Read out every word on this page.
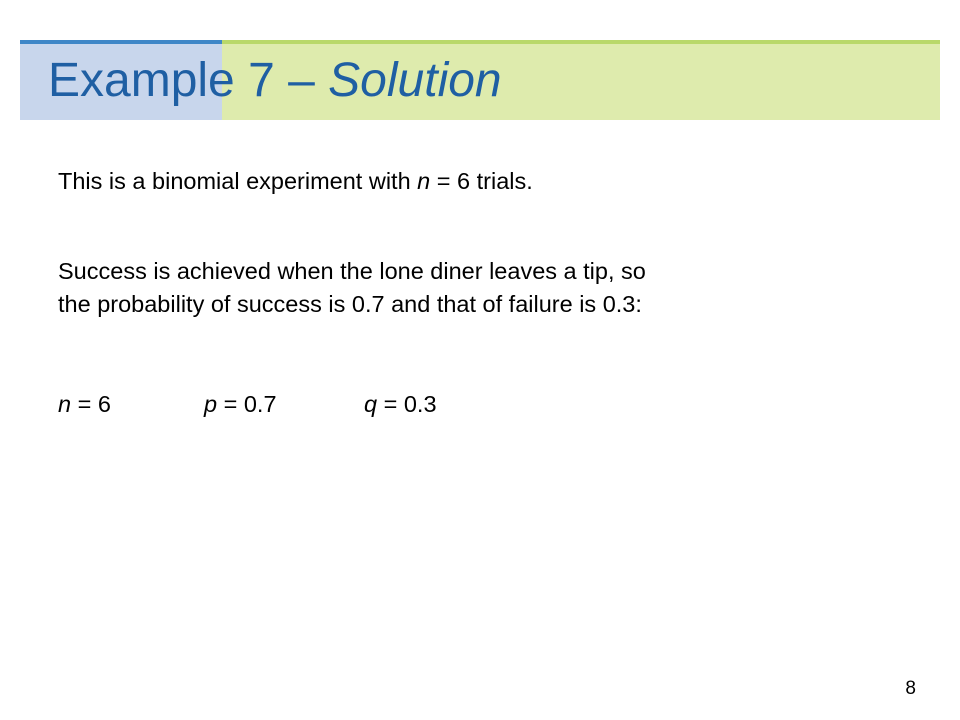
Example 7 – Solution
This is a binomial experiment with n = 6 trials.
Success is achieved when the lone diner leaves a tip, so
the probability of success is 0.7 and that of failure is 0.3:
n = 6	p = 0.7	q = 0.3
8
